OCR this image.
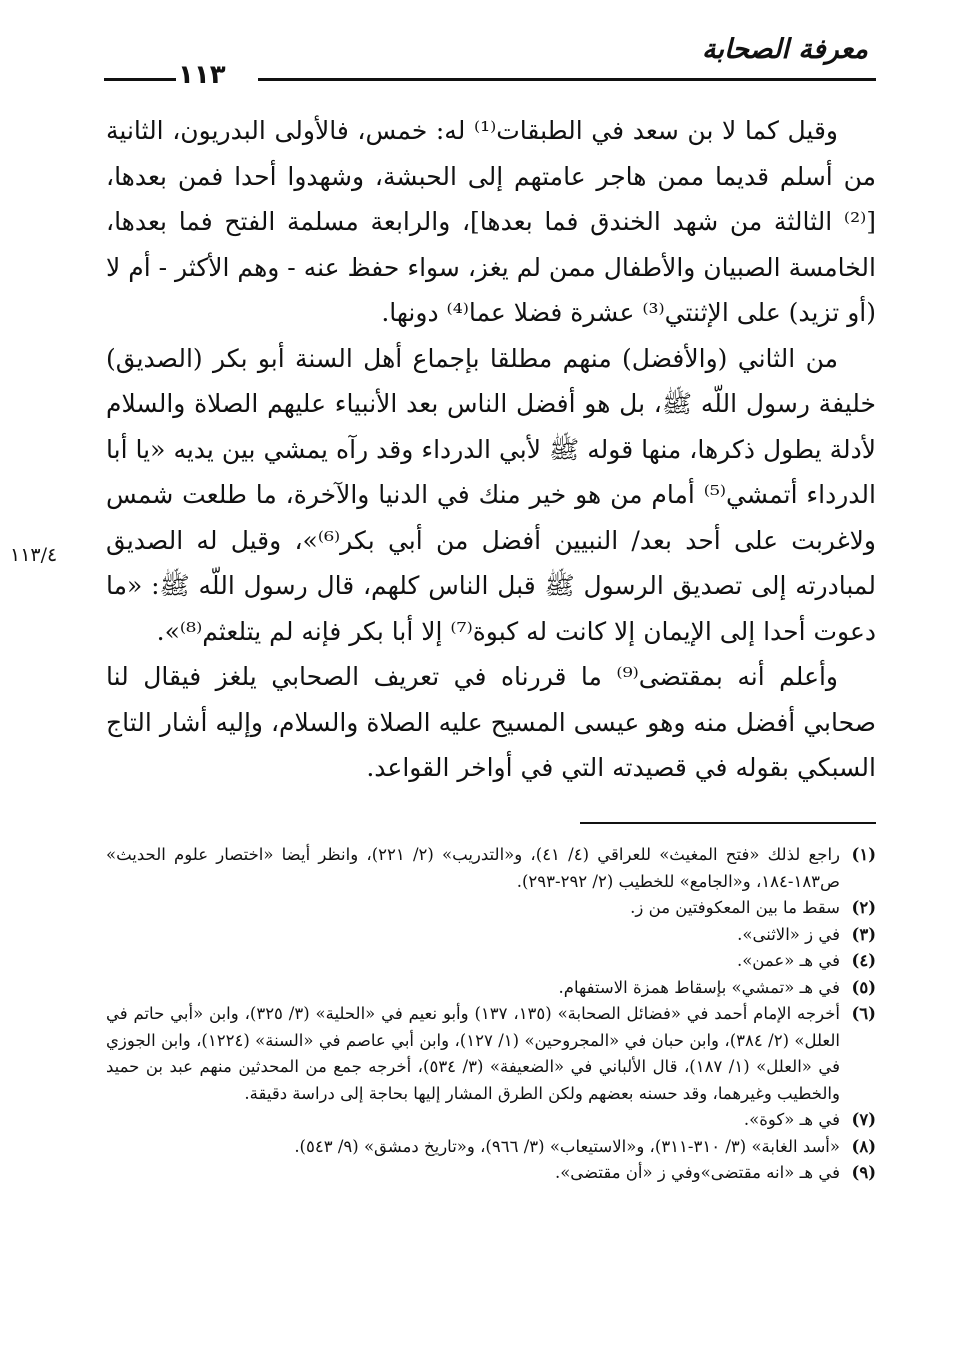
معرفة الصحابة
١١٣

وقيل كما لا بن سعد في الطبقات⁽¹⁾ له: خمس، فالأولى البدريون، الثانية من أسلم قديما ممن هاجر عامتهم إلى الحبشة، وشهدوا أحدا فمن بعدها، [⁽²⁾ الثالثة من شهد الخندق فما بعدها]، والرابعة مسلمة الفتح فما بعدها، الخامسة الصبيان والأطفال ممن لم يغز، سواء حفظ عنه - وهم الأكثر - أم لا (أو تزيد) على الإثنتي⁽³⁾ عشرة فضلا عما⁽⁴⁾ دونها.

من الثاني (والأفضل) منهم مطلقا بإجماع أهل السنة أبو بكر (الصديق) خليفة رسول اللّه ﷺ، بل هو أفضل الناس بعد الأنبياء عليهم الصلاة والسلام لأدلة يطول ذكرها، منها قوله ﷺ لأبي الدرداء وقد رآه يمشي بين يديه «يا أبا الدرداء أتمشي⁽⁵⁾ أمام من هو خير منك في الدنيا والآخرة، ما طلعت شمس ولاغربت على أحد بعد/ النبيين أفضل من أبي بكر⁽⁶⁾»، وقيل له الصديق لمبادرته إلى تصديق الرسول ﷺ قبل الناس كلهم، قال رسول اللّه ﷺ: «ما دعوت أحدا إلى الإيمان إلا كانت له كبوة⁽⁷⁾ إلا أبا بكر فإنه لم يتلعثم⁽⁸⁾».

وأعلم أنه بمقتضى⁽⁹⁾ ما قررناه في تعريف الصحابي يلغز فيقال لنا صحابي أفضل منه وهو عيسى المسيح عليه الصلاة والسلام، وإليه أشار التاج السبكي بقوله في قصيدته التي في أواخر القواعد.

١١٣/٤

(١)راجع لذلك «فتح المغيث» للعراقي (٤/ ٤١)، و«التدريب» (٢/ ٢٢١)، وانظر أيضا «اختصار علوم الحديث» ص١٨٣-١٨٤، و«الجامع» للخطيب (٢/ ٢٩٢-٢٩٣).

(٢)سقط ما بين المعكوفتين من ز.

(٣)في ز «الاثنى».

(٤)في هـ «عمن».

(٥)في هـ «تمشي» بإسقاط همزة الاستفهام.

(٦)أخرجه الإمام أحمد في «فضائل الصحابة» (١٣٥، ١٣٧) وأبو نعيم في «الحلية» (٣/ ٣٢٥)، وابن «أبي حاتم في العلل» (٢/ ٣٨٤)، وابن حبان في «المجروحين» (١/ ١٢٧)، وابن أبي عاصم في «السنة» (١٢٢٤)، وابن الجوزي في «العلل» (١/ ١٨٧)، قال الألباني في «الضعيفة» (٣/ ٥٣٤)، أخرجه جمع من المحدثين منهم عبد بن حميد والخطيب وغيرهما، وقد حسنه بعضهم ولكن الطرق المشار إليها بحاجة إلى دراسة دقيقة.

(٧)في هـ «كوة».

(٨)«أسد الغابة» (٣/ ٣١٠-٣١١)، و«الاستيعاب» (٣/ ٩٦٦)، و«تاريخ دمشق» (٩/ ٥٤٣).

(٩)في هـ «انه مقتضى»وفي ز «أن مقتضى».
